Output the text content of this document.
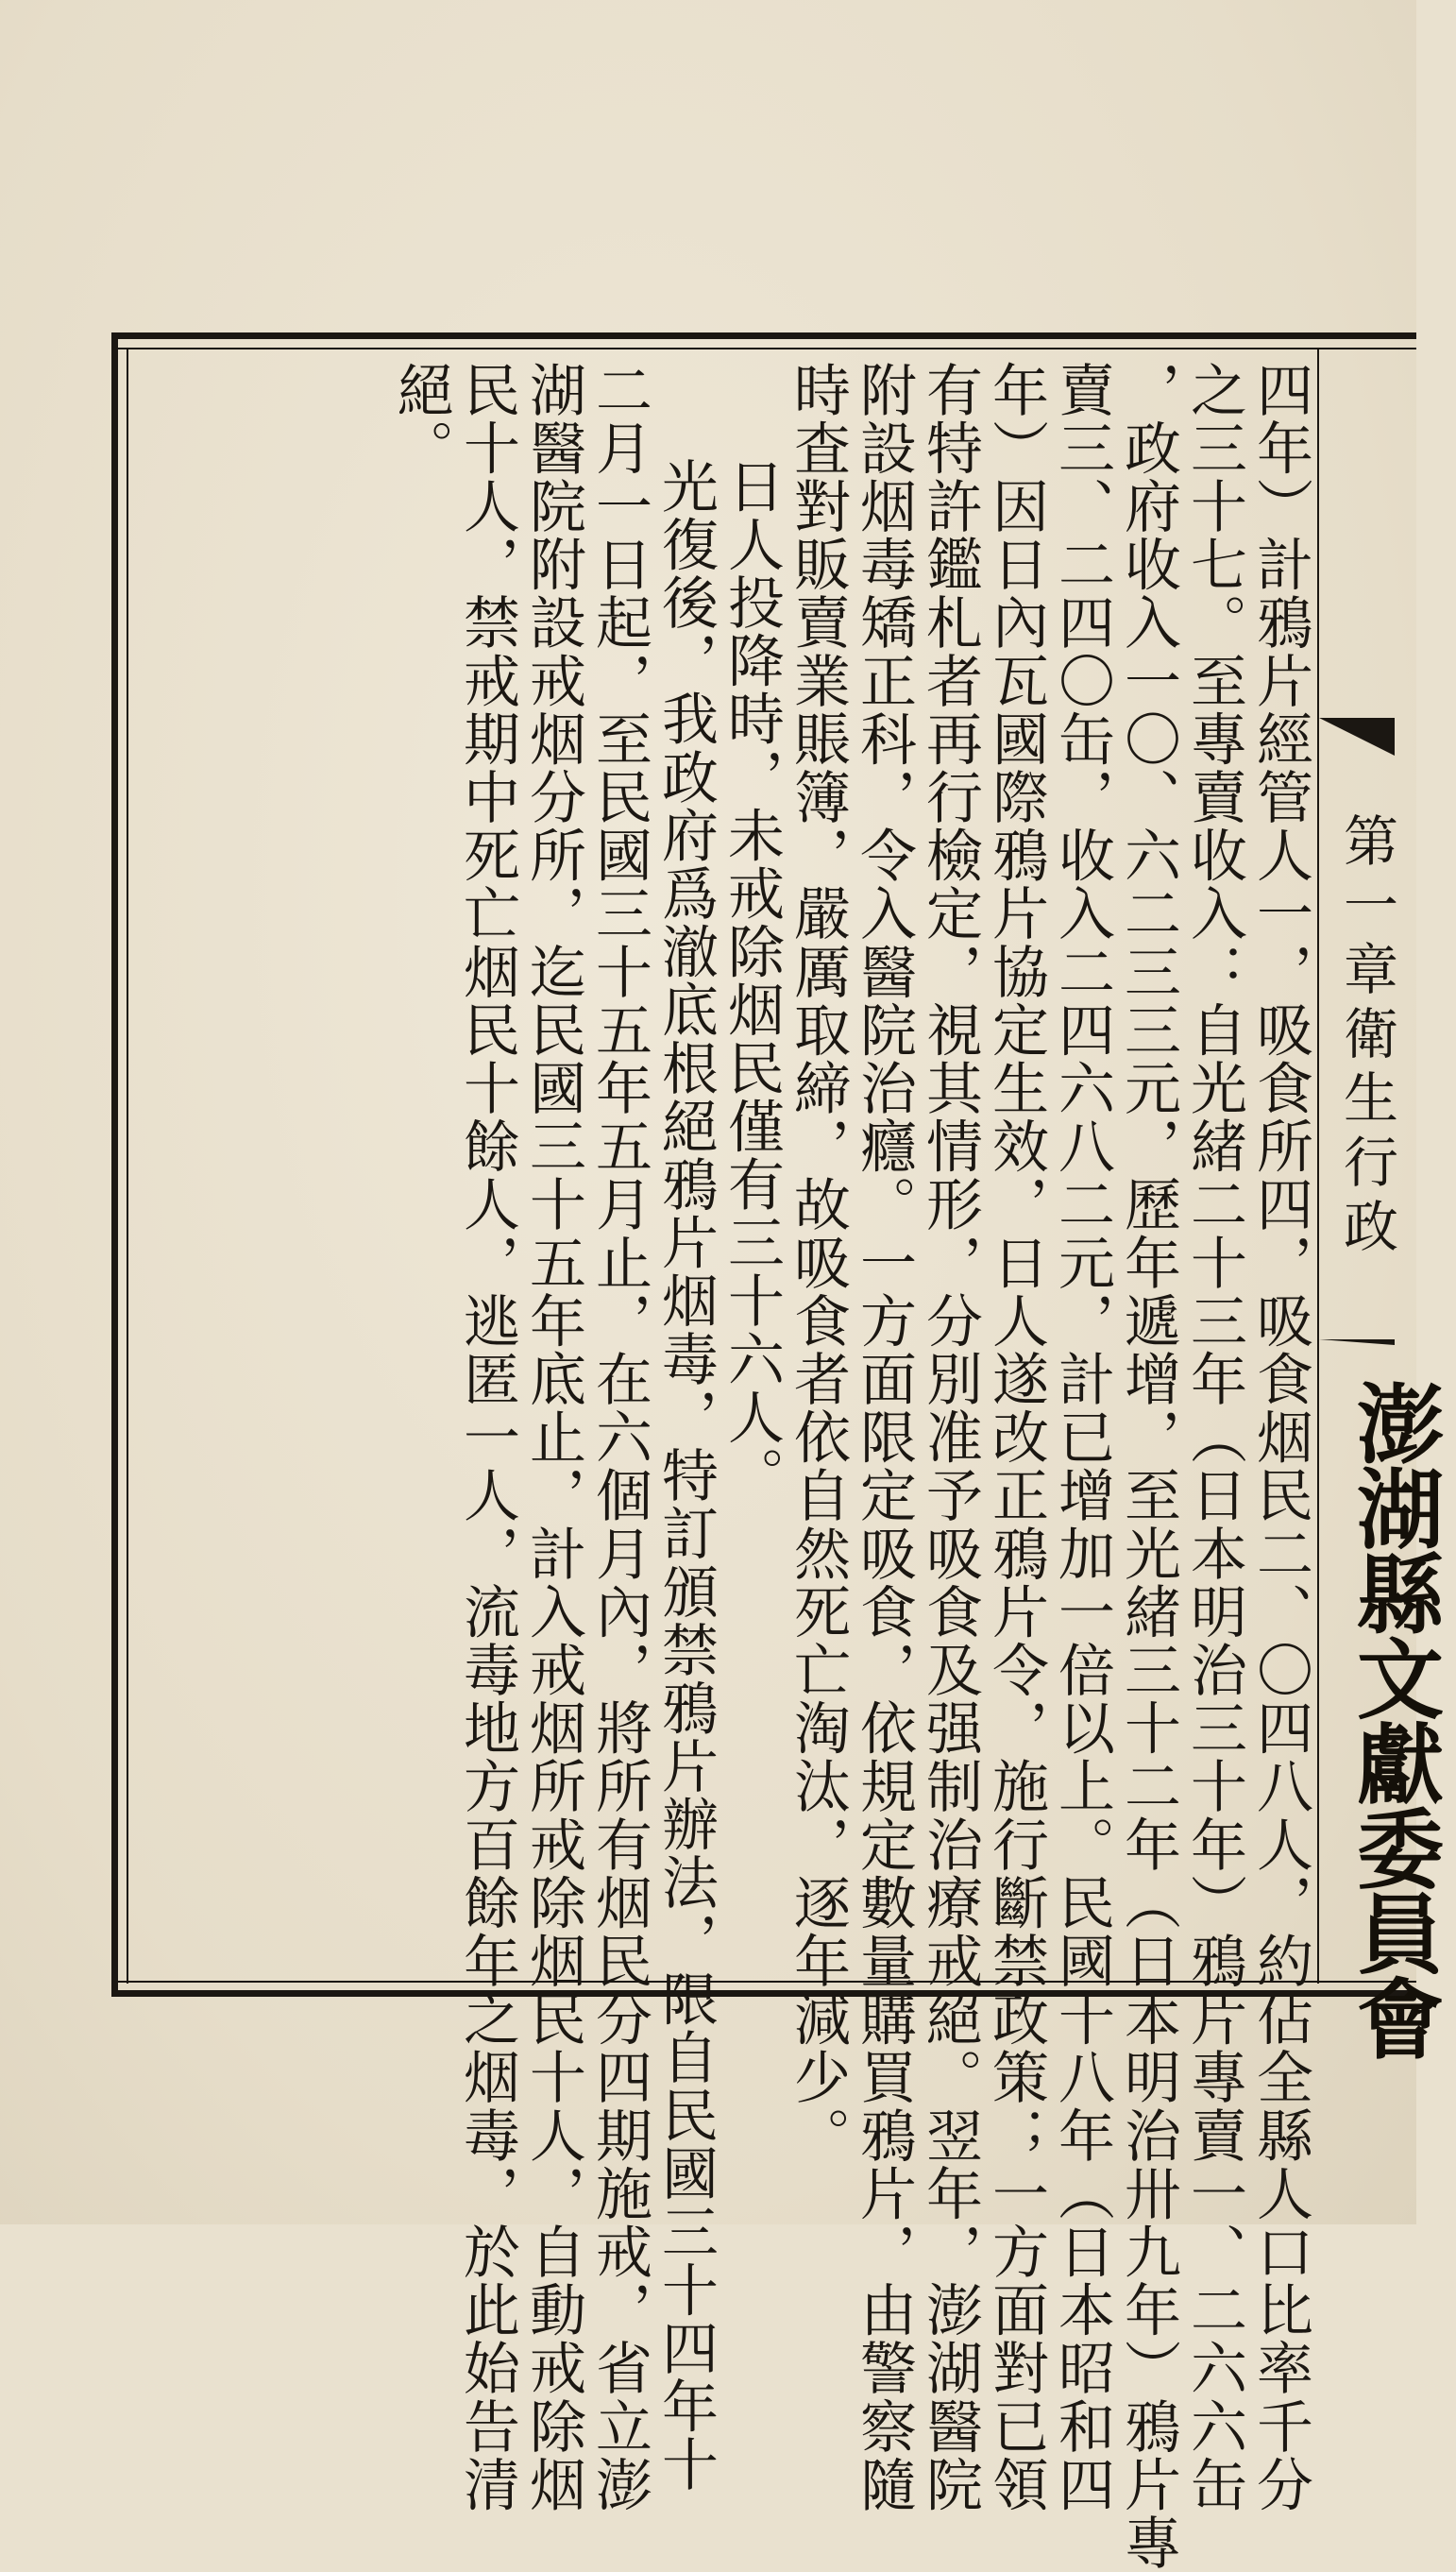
第一章衛生行政
澎湖縣文獻委員會

四年）計鴉片經管人一，吸食所四，吸食烟民二、〇四八人，約佔全縣人口比率千分

之三十七。至專賣收入：自光緒二十三年（日本明治三十年）鴉片專賣一、二六六缶

，政府收入一〇、六二三三元，歷年遞增，至光緒三十二年（日本明治卅九年）鴉片專

賣三、二四〇缶，收入二四六八二元，計已增加一倍以上。民國十八年（日本昭和四

年）因日內瓦國際鴉片協定生效，日人遂改正鴉片令，施行斷禁政策；一方面對已領

有特許鑑札者再行檢定，視其情形，分別准予吸食及强制治療戒絕。翌年，澎湖醫院

附設烟毒矯正科，令入醫院治癮。一方面限定吸食，依規定數量購買鴉片，由警察隨

時査對販賣業賬簿，嚴厲取締，故吸食者依自然死亡淘汰，逐年減少。

日人投降時，未戒除烟民僅有三十六人。

光復後，我政府爲澈底根絕鴉片烟毒，特訂頒禁鴉片辦法，限自民國三十四年十

二月一日起，至民國三十五年五月止，在六個月內，將所有烟民分四期施戒，省立澎

湖醫院附設戒烟分所，迄民國三十五年底止，計入戒烟所戒除烟民十人，自動戒除烟

民十人，禁戒期中死亡烟民十餘人，逃匿一人，流毒地方百餘年之烟毒，於此始告清

絕。
